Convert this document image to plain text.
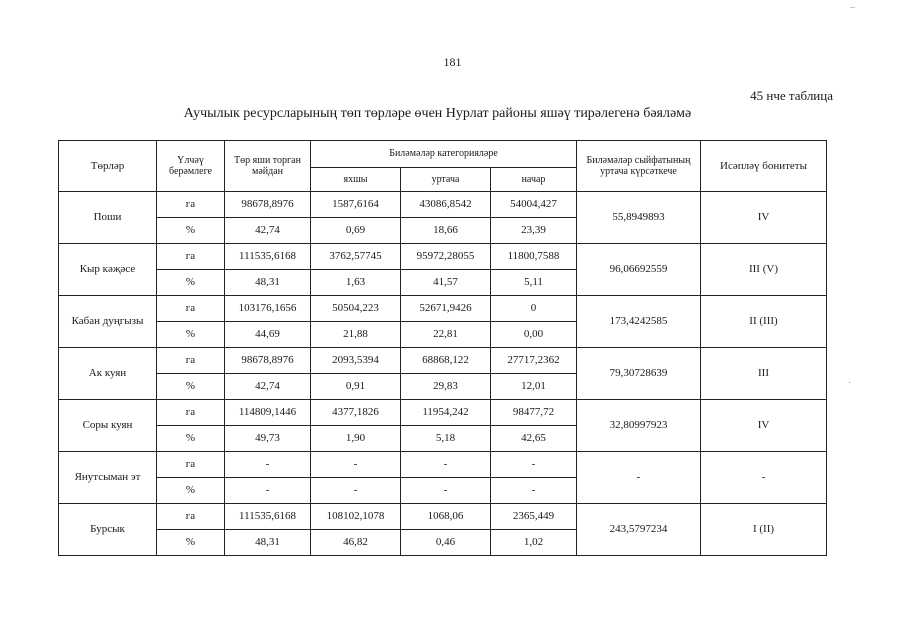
181
45 нче таблица
Аучылык ресурсларының төп төрләре өчен Нурлат районы яшәү тирәлегенә бәяләмә
–
·
Төрләр	Үлчәү берәмлеге	Төр яши торган мәйдан	Биләмәләр категорияләре			Биләмәләр сыйфатының уртача күрсәткече	Исәпләү бонитеты
			яхшы	уртача	начар		
Поши	га	98678,8976	1587,6164	43086,8542	54004,427	55,8949893	IV
	%	42,74	0,69	18,66	23,39		
Кыр кәҗәсе	га	111535,6168	3762,57745	95972,28055	11800,7588	96,06692559	III (V)
	%	48,31	1,63	41,57	5,11		
Кабан дуңгызы	га	103176,1656	50504,223	52671,9426	0	173,4242585	II (III)
	%	44,69	21,88	22,81	0,00		
Ак куян	га	98678,8976	2093,5394	68868,122	27717,2362	79,30728639	III
	%	42,74	0,91	29,83	12,01		
Соры куян	га	114809,1446	4377,1826	11954,242	98477,72	32,80997923	IV
	%	49,73	1,90	5,18	42,65		
Янутсыман эт	га	-	-	-	-	-	-
	%	-	-	-	-		
Бурсык	га	111535,6168	108102,1078	1068,06	2365,449	243,5797234	I (II)
	%	48,31	46,82	0,46	1,02		
